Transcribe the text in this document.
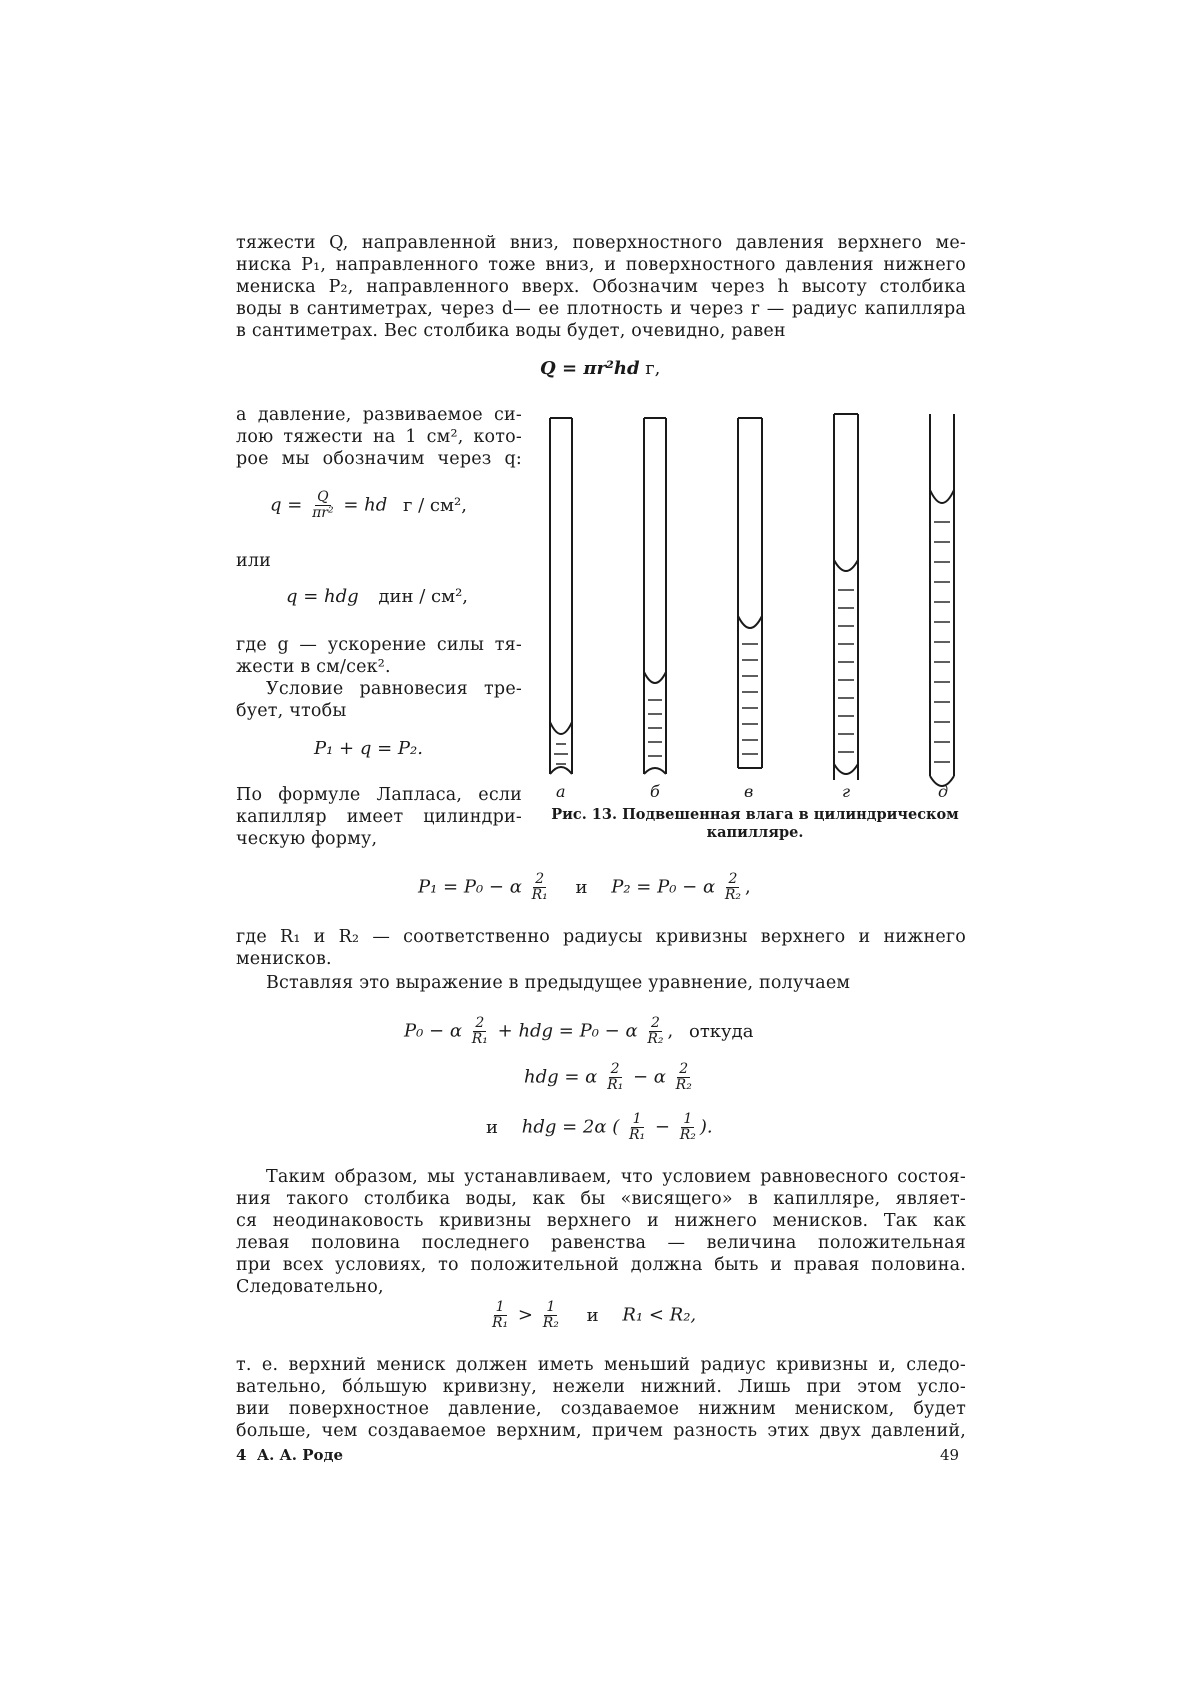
тяжести Q, направленной вниз, поверхностного давления верхнего ме-
ниска P₁, направленного тоже вниз, и поверхностного давления нижнего
мениска P₂, направленного вверх. Обозначим через h высоту столбика
воды в сантиметрах, через d— ее плотность и через r — радиус капилляра
в сантиметрах. Вес столбика воды будет, очевидно, равен
Q = πr²hd г,
а давление, развиваемое си-
лою тяжести на 1 см², кото-
рое мы обозначим через q:
$q = \frac{Q}{\text{πr²}}$ = hd г / см²,
или
q = hdg дин / см²,
где g — ускорение силы тя-
жести в см/сек².
Условие равновесия тре-
бует, чтобы
P₁ + q = P₂.
По формуле Лапласа, если
капилляр имеет цилиндри-
ческую форму,
а	б	в	г	д
Рис. 13. Подвешенная влага в цилиндрическом
капилляре.
P₁ = P₀ − α $\frac{2}{\text{R₁}}$ и P₂ = P₀ − α $\frac{2}{\text{R₂}}$ ,
где R₁ и R₂ — соответственно радиусы кривизны верхнего и нижнего
менисков.
Вставляя это выражение в предыдущее уравнение, получаем
P₀ − α $\frac{2}{\text{R₁}}$ + hdg = P₀ − α $\frac{2}{\text{R₂}}$ , откуда
hdg = α $\frac{2}{\text{R₁}} - \alpha \frac{2}{\text{R₂}}$
и hdg = 2α ( $\frac{1}{\text{R₁}} - \frac{1}{\text{R₂}}$ ).
Таким образом, мы устанавливаем, что условием равновесного состоя-
ния такого столбика воды, как бы «висящего» в капилляре, являет-
ся неодинаковость кривизны верхнего и нижнего менисков. Так как
левая половина последнего равенства — величина положительная
при всех условиях, то положительной должна быть и правая половина.
Следовательно,
$\frac{1}{\text{R₁}} > \frac{1}{\text{R₂}}$ и R₁ < R₂,
т. е. верхний мениск должен иметь меньший радиус кривизны и, следо-
вательно, бóльшую кривизну, нежели нижний. Лишь при этом усло-
вии поверхностное давление, создаваемое нижним мениском, будет
больше, чем создаваемое верхним, причем разность этих двух давлений,
4  А. А. Роде	49
